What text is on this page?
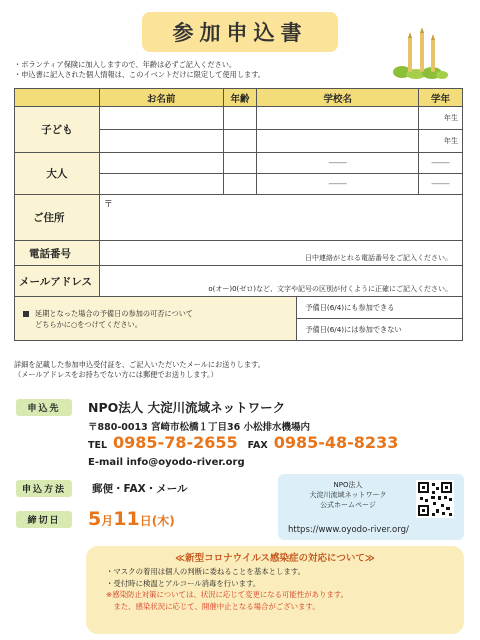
参加申込書
・ボランティア保険に加入しますので、年齢は必ずご記入ください。
・申込書に記入された個人情報は、このイベントだけに限定して使用します。
	お名前	年齢	学校名		学年
子ども					年生
					年生
大人			――		――
			――		――
ご住所	〒				
電話番号	日中連絡がとれる電話番号をご記入ください。				
メールアドレス	o(オー)0(ゼロ)など、文字や記号の区別が付くように正確にご記入ください。				

延期となった場合の予備日の参加の可否について
どちらかに○をつけてください。				予備日(6/4)にも参加できる	
				予備日(6/4)には参加できない	
詳細を記載した参加申込受付証を、ご記入いただいたメールにお送りします。
（メールアドレスをお持ちでない方には郵便でお送りします。）
申込先	NPO法人 大淀川流域ネットワーク
〒880-0013 宮崎市松橋１丁目36 小松排水機場内
TEL 0985-78-2655 FAX 0985-48-8233
E-mail info@oyodo-river.org
申込方法	郵便・FAX・メール
締切日	5 月 11 日 (木)
NPO法人
大淀川流域ネットワーク
公式ホームページ
https://www.oyodo-river.org/
≪新型コロナウイルス感染症の対応について≫
・マスクの着用は個人の判断に委ねることを基本とします。
・受付時に検温とアルコール消毒を行います。
※感染防止対策については、状況に応じて変更になる可能性があります。
　また、感染状況に応じて、開催中止となる場合がございます。
